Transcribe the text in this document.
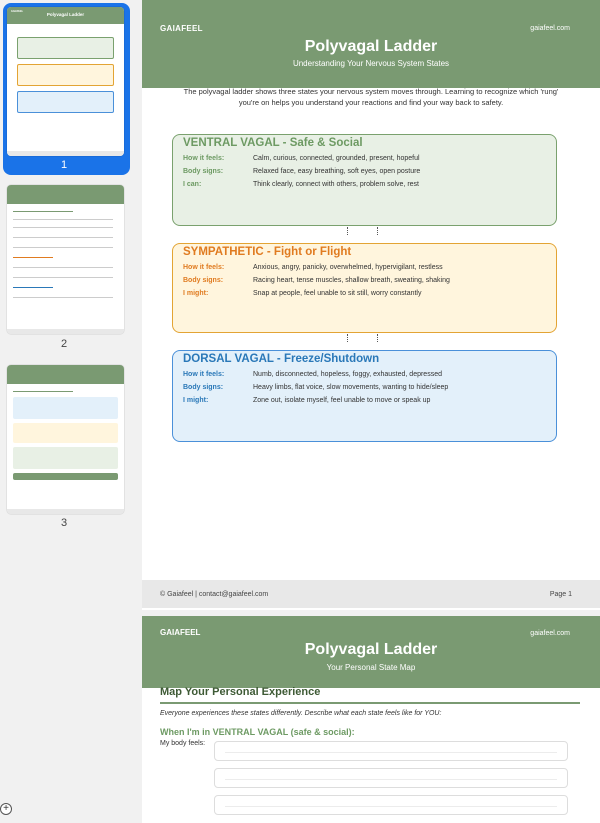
GAIAFEEL
Polyvagal Ladder
1
2
3
GAIAFEEL	gaiafeel.com
Polyvagal Ladder
Understanding Your Nervous System States
The polyvagal ladder shows three states your nervous system moves through. Learning to recognize which 'rung' you're on helps you understand your reactions and find your way back to safety.
VENTRAL VAGAL - Safe & Social
How it feels:	Calm, curious, connected, grounded, present, hopeful
Body signs:	Relaxed face, easy breathing, soft eyes, open posture
I can:	Think clearly, connect with others, problem solve, rest
SYMPATHETIC - Fight or Flight
How it feels:	Anxious, angry, panicky, overwhelmed, hypervigilant, restless
Body signs:	Racing heart, tense muscles, shallow breath, sweating, shaking
I might:	Snap at people, feel unable to sit still, worry constantly
DORSAL VAGAL - Freeze/Shutdown
How it feels:	Numb, disconnected, hopeless, foggy, exhausted, depressed
Body signs:	Heavy limbs, flat voice, slow movements, wanting to hide/sleep
I might:	Zone out, isolate myself, feel unable to move or speak up
© Gaiafeel | contact@gaiafeel.com	Page 1
GAIAFEEL	gaiafeel.com
Polyvagal Ladder
Your Personal State Map
Map Your Personal Experience
Everyone experiences these states differently. Describe what each state feels like for YOU:
When I'm in VENTRAL VAGAL (safe & social):
My body feels:
+
